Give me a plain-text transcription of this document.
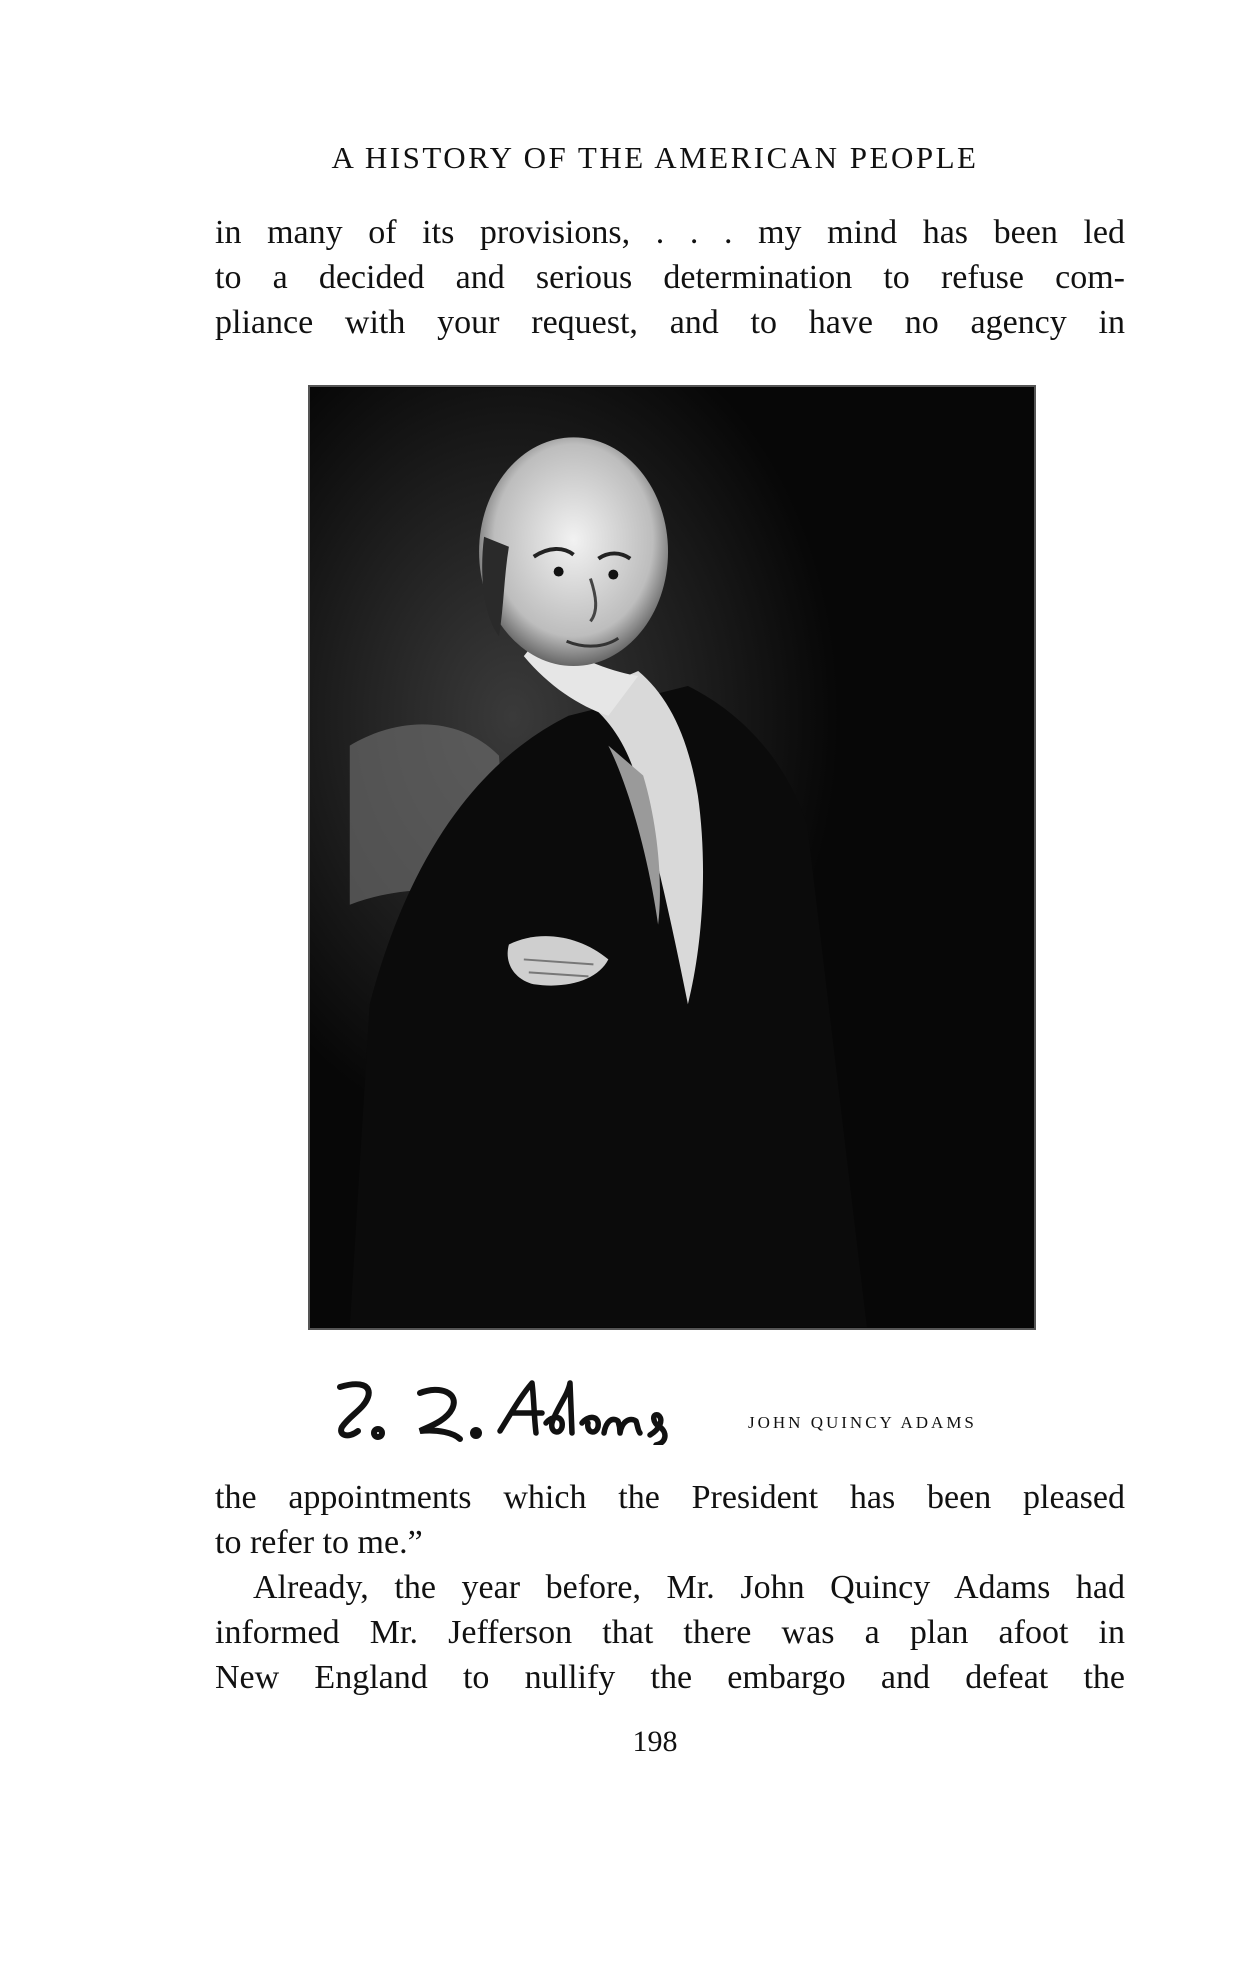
A HISTORY OF THE AMERICAN PEOPLE
in many of its provisions, . . . my mind has been led
to a decided and serious determination to refuse com-
pliance with your request, and to have no agency in
JOHN QUINCY ADAMS
the appointments which the President has been pleased
to refer to me.”
Already, the year before, Mr. John Quincy Adams had
informed Mr. Jefferson that there was a plan afoot in
New England to nullify the embargo and defeat the
198
